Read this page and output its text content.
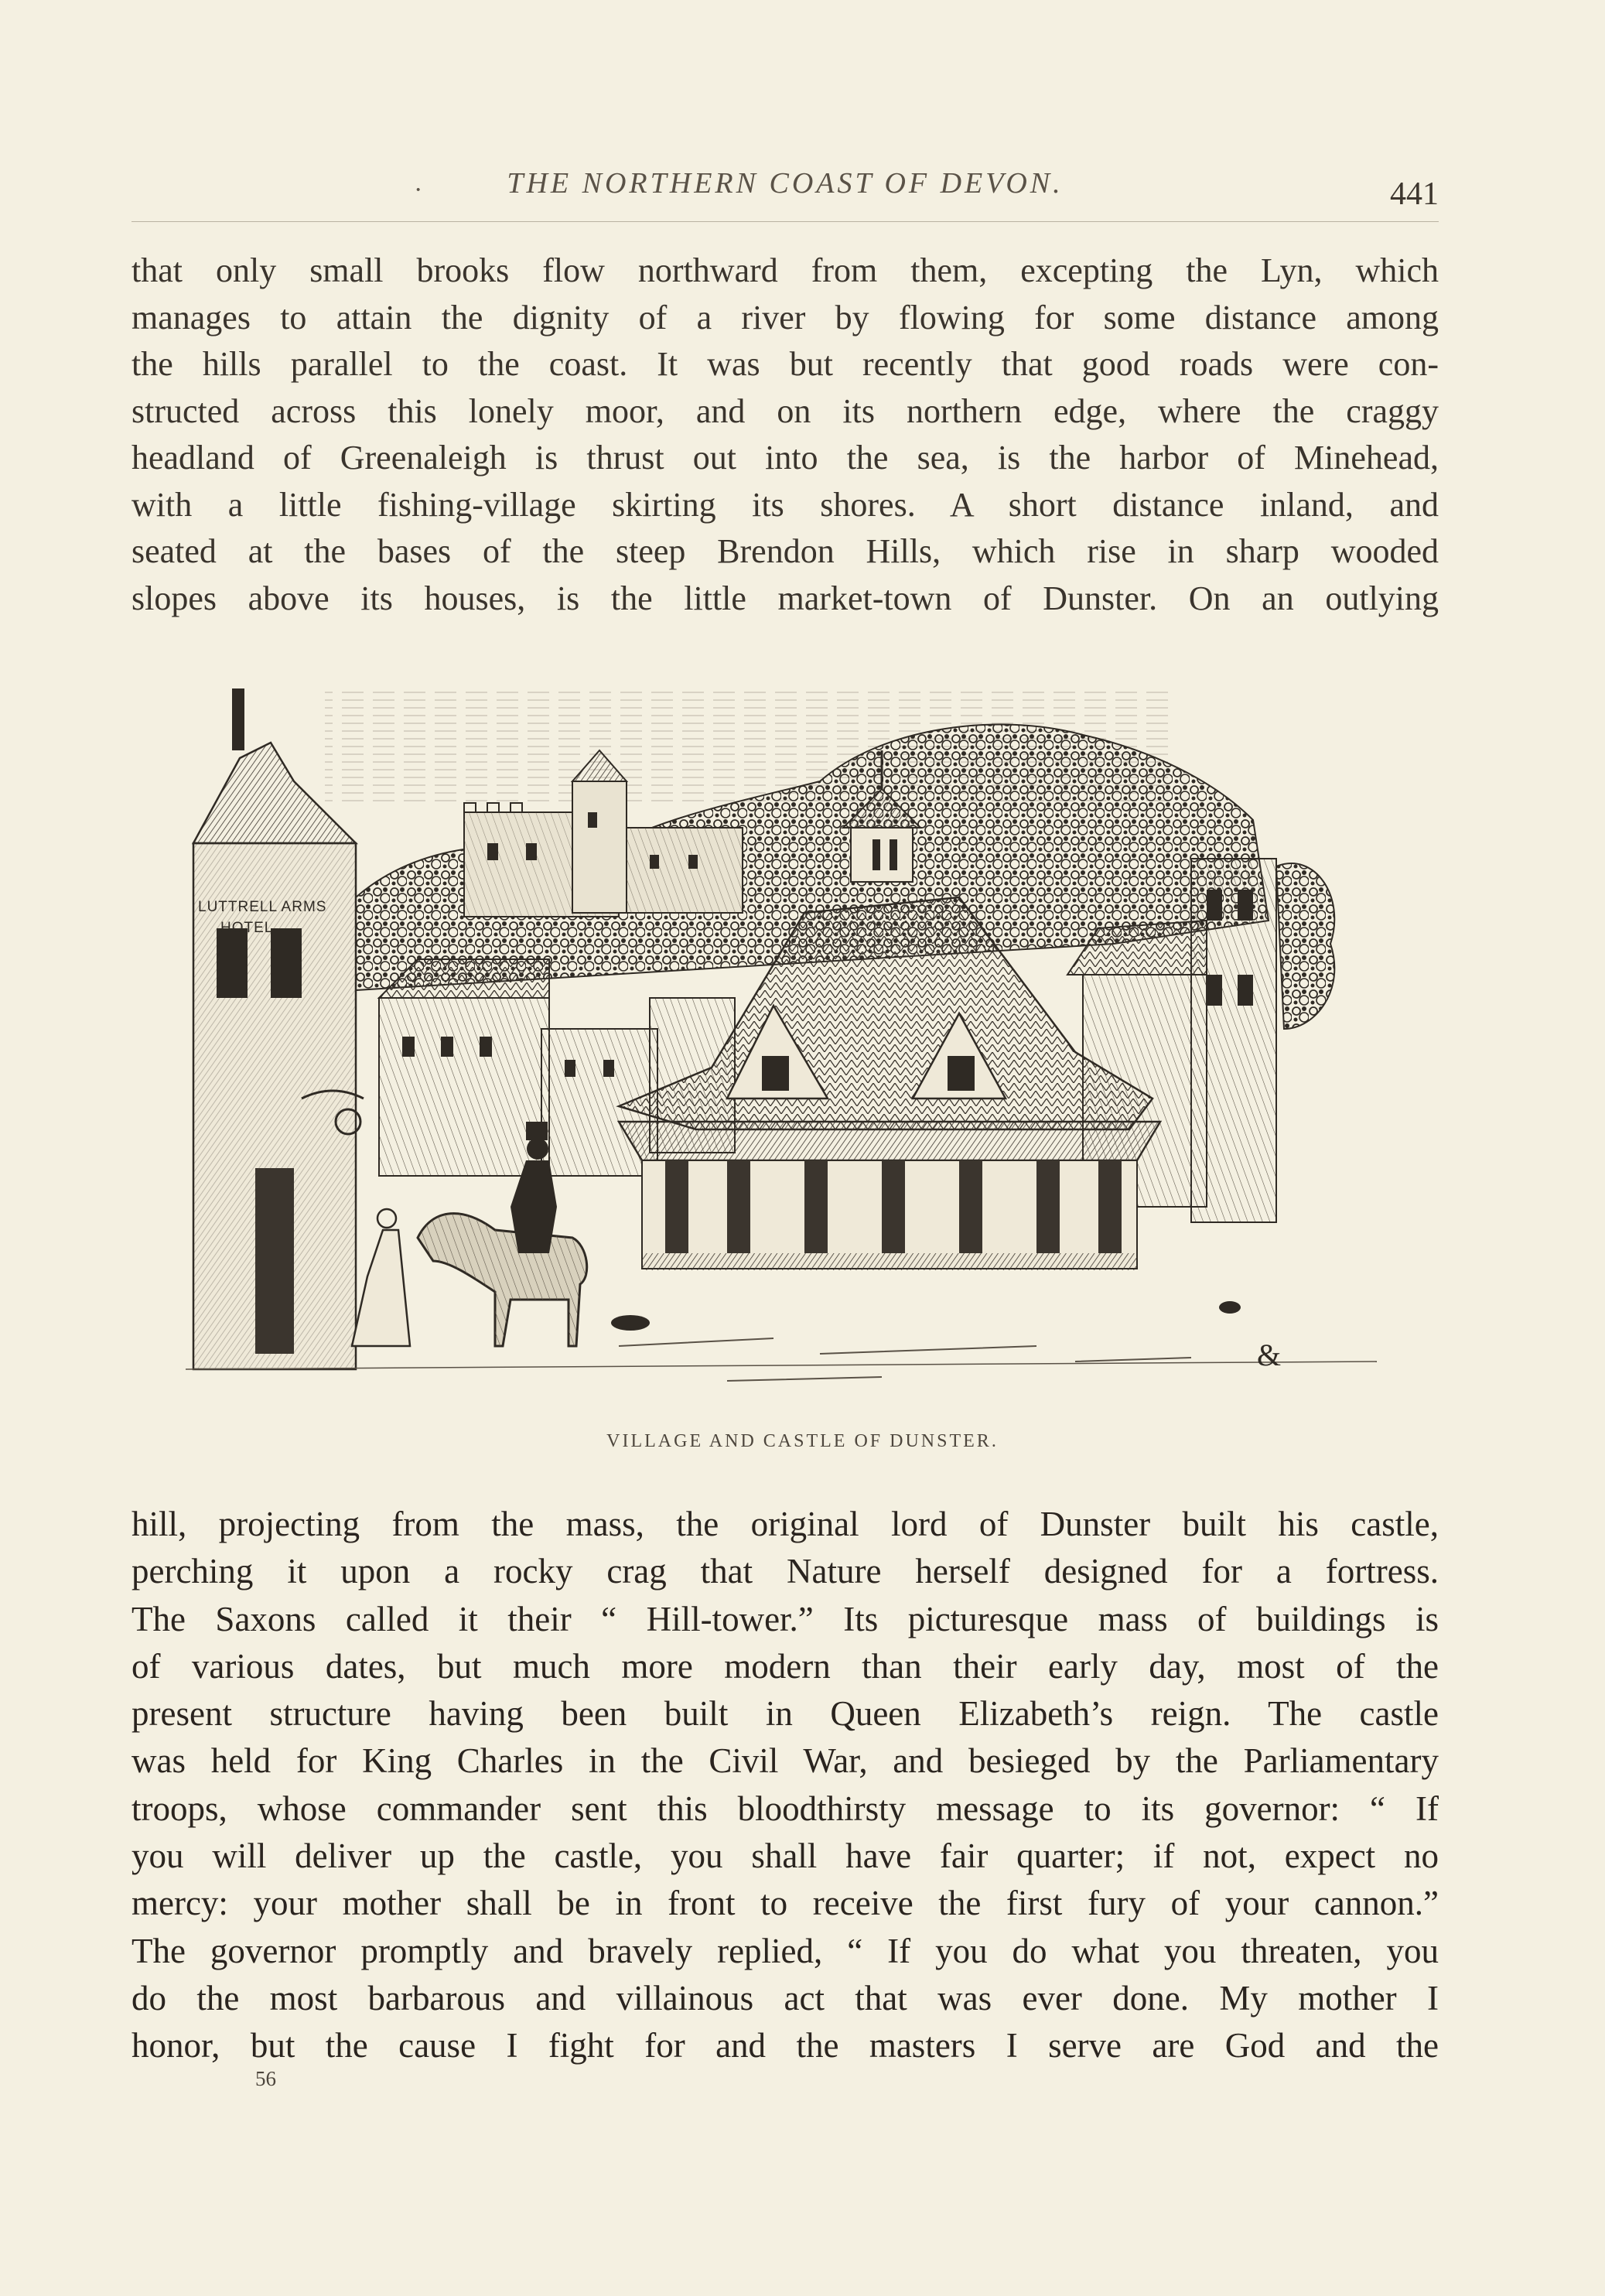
·	THE NORTHERN COAST OF DEVON.	441
that only small brooks flow northward from them, excepting the Lyn, which
manages to attain the dignity of a river by flowing for some distance among
the hills parallel to the coast. It was but recently that good roads were con-
structed across this lonely moor, and on its northern edge, where the craggy
headland of Greenaleigh is thrust out into the sea, is the harbor of Minehead,
with a little fishing-village skirting its shores. A short distance inland, and
seated at the bases of the steep Brendon Hills, which rise in sharp wooded
slopes above its houses, is the little market-town of Dunster. On an outlying
LUTTRELL ARMS
HOTEL
&
VILLAGE AND CASTLE OF DUNSTER.
hill, projecting from the mass, the original lord of Dunster built his castle,
perching it upon a rocky crag that Nature herself designed for a fortress.
The Saxons called it their “ Hill-tower.” Its picturesque mass of buildings is
of various dates, but much more modern than their early day, most of the
present structure having been built in Queen Elizabeth’s reign. The castle
was held for King Charles in the Civil War, and besieged by the Parliamentary
troops, whose commander sent this bloodthirsty message to its governor: “ If
you will deliver up the castle, you shall have fair quarter; if not, expect no
mercy: your mother shall be in front to receive the first fury of your cannon.”
The governor promptly and bravely replied, “ If you do what you threaten, you
do the most barbarous and villainous act that was ever done. My mother I
honor, but the cause I fight for and the masters I serve are God and the
56
